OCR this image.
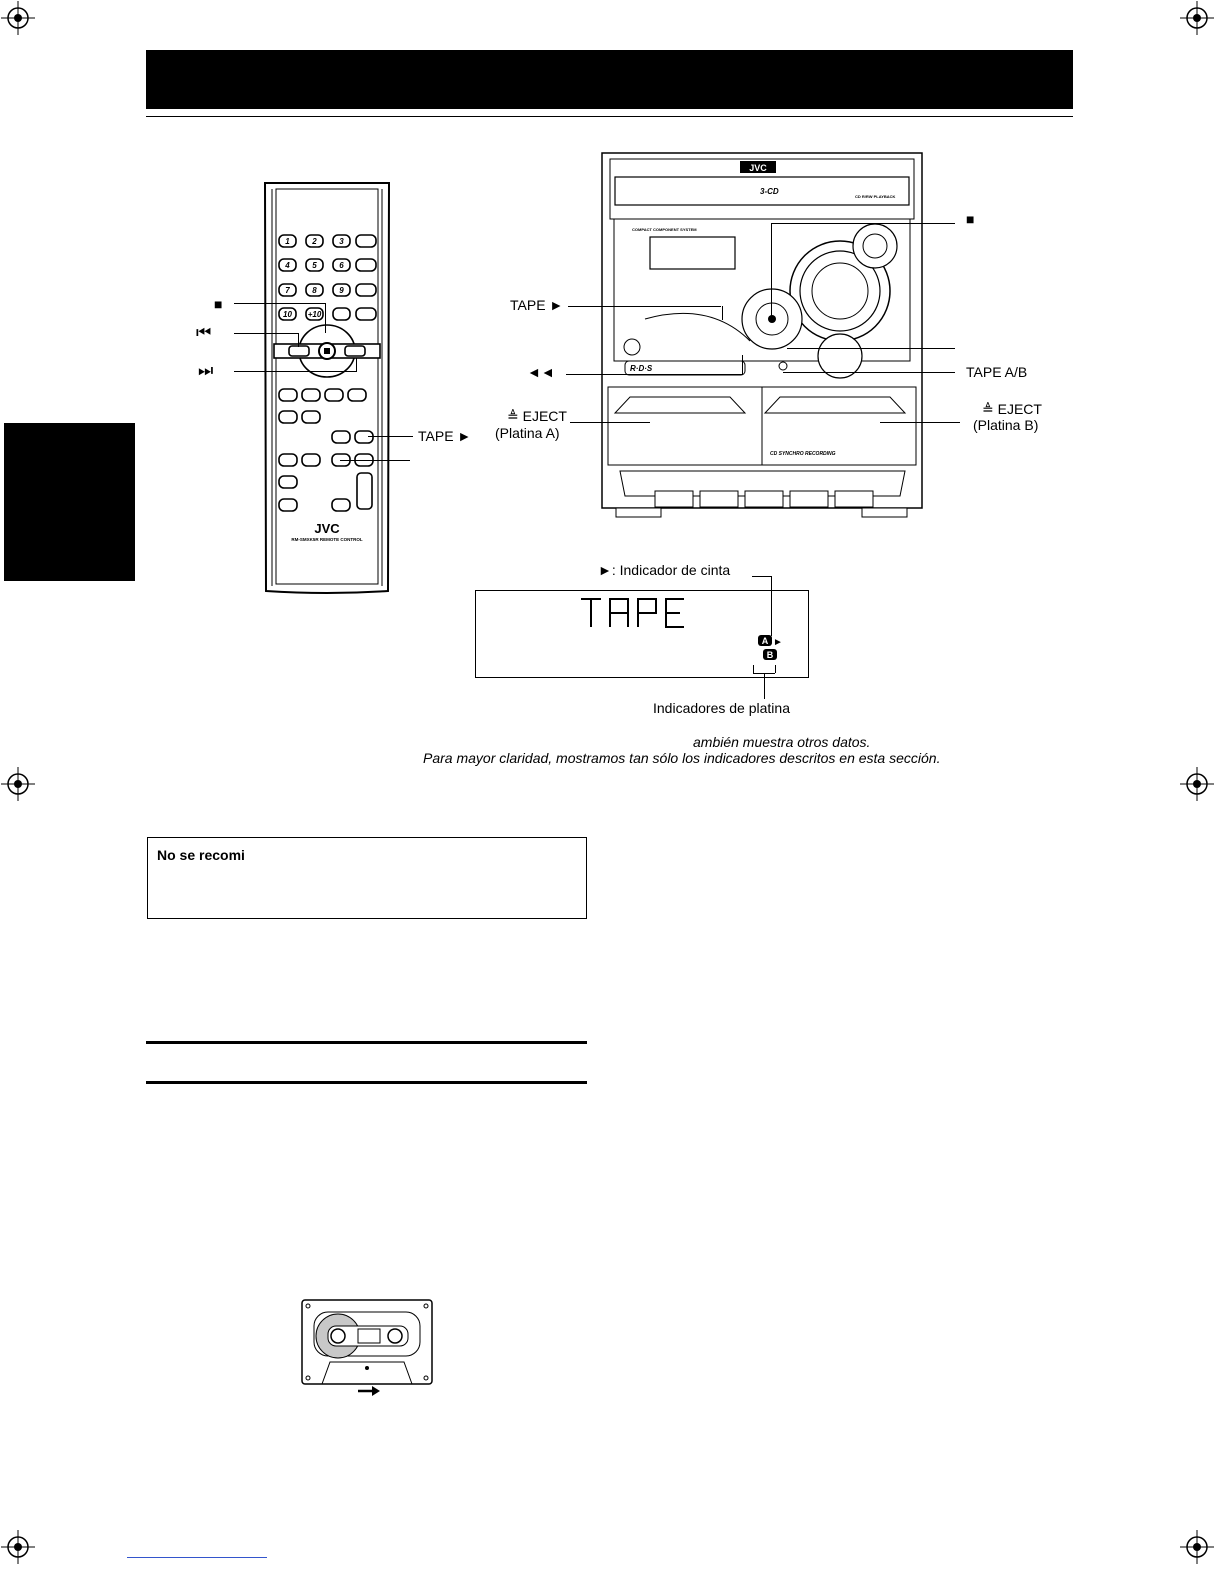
1	2	3
4	5	6
7	8	9
10 +10
JVC
RM-SMXK5R REMOTE CONTROL
■
⏮
⏭
TAPE ►
JVC
3-CD
CD R/RW PLAYBACK
COMPACT COMPONENT SYSTEM
R·D·S
CD SYNCHRO RECORDING
■
TAPE ►
◄◄	TAPE A/B
≜ EJECT
(Platina A)
≜ EJECT
(Platina B)
►: Indicador de cinta
TAPE
A ►
B
Indicadores de platina
ambién muestra otros datos.
Para mayor claridad, mostramos tan sólo los indicadores descritos en esta sección.
No se recomi
